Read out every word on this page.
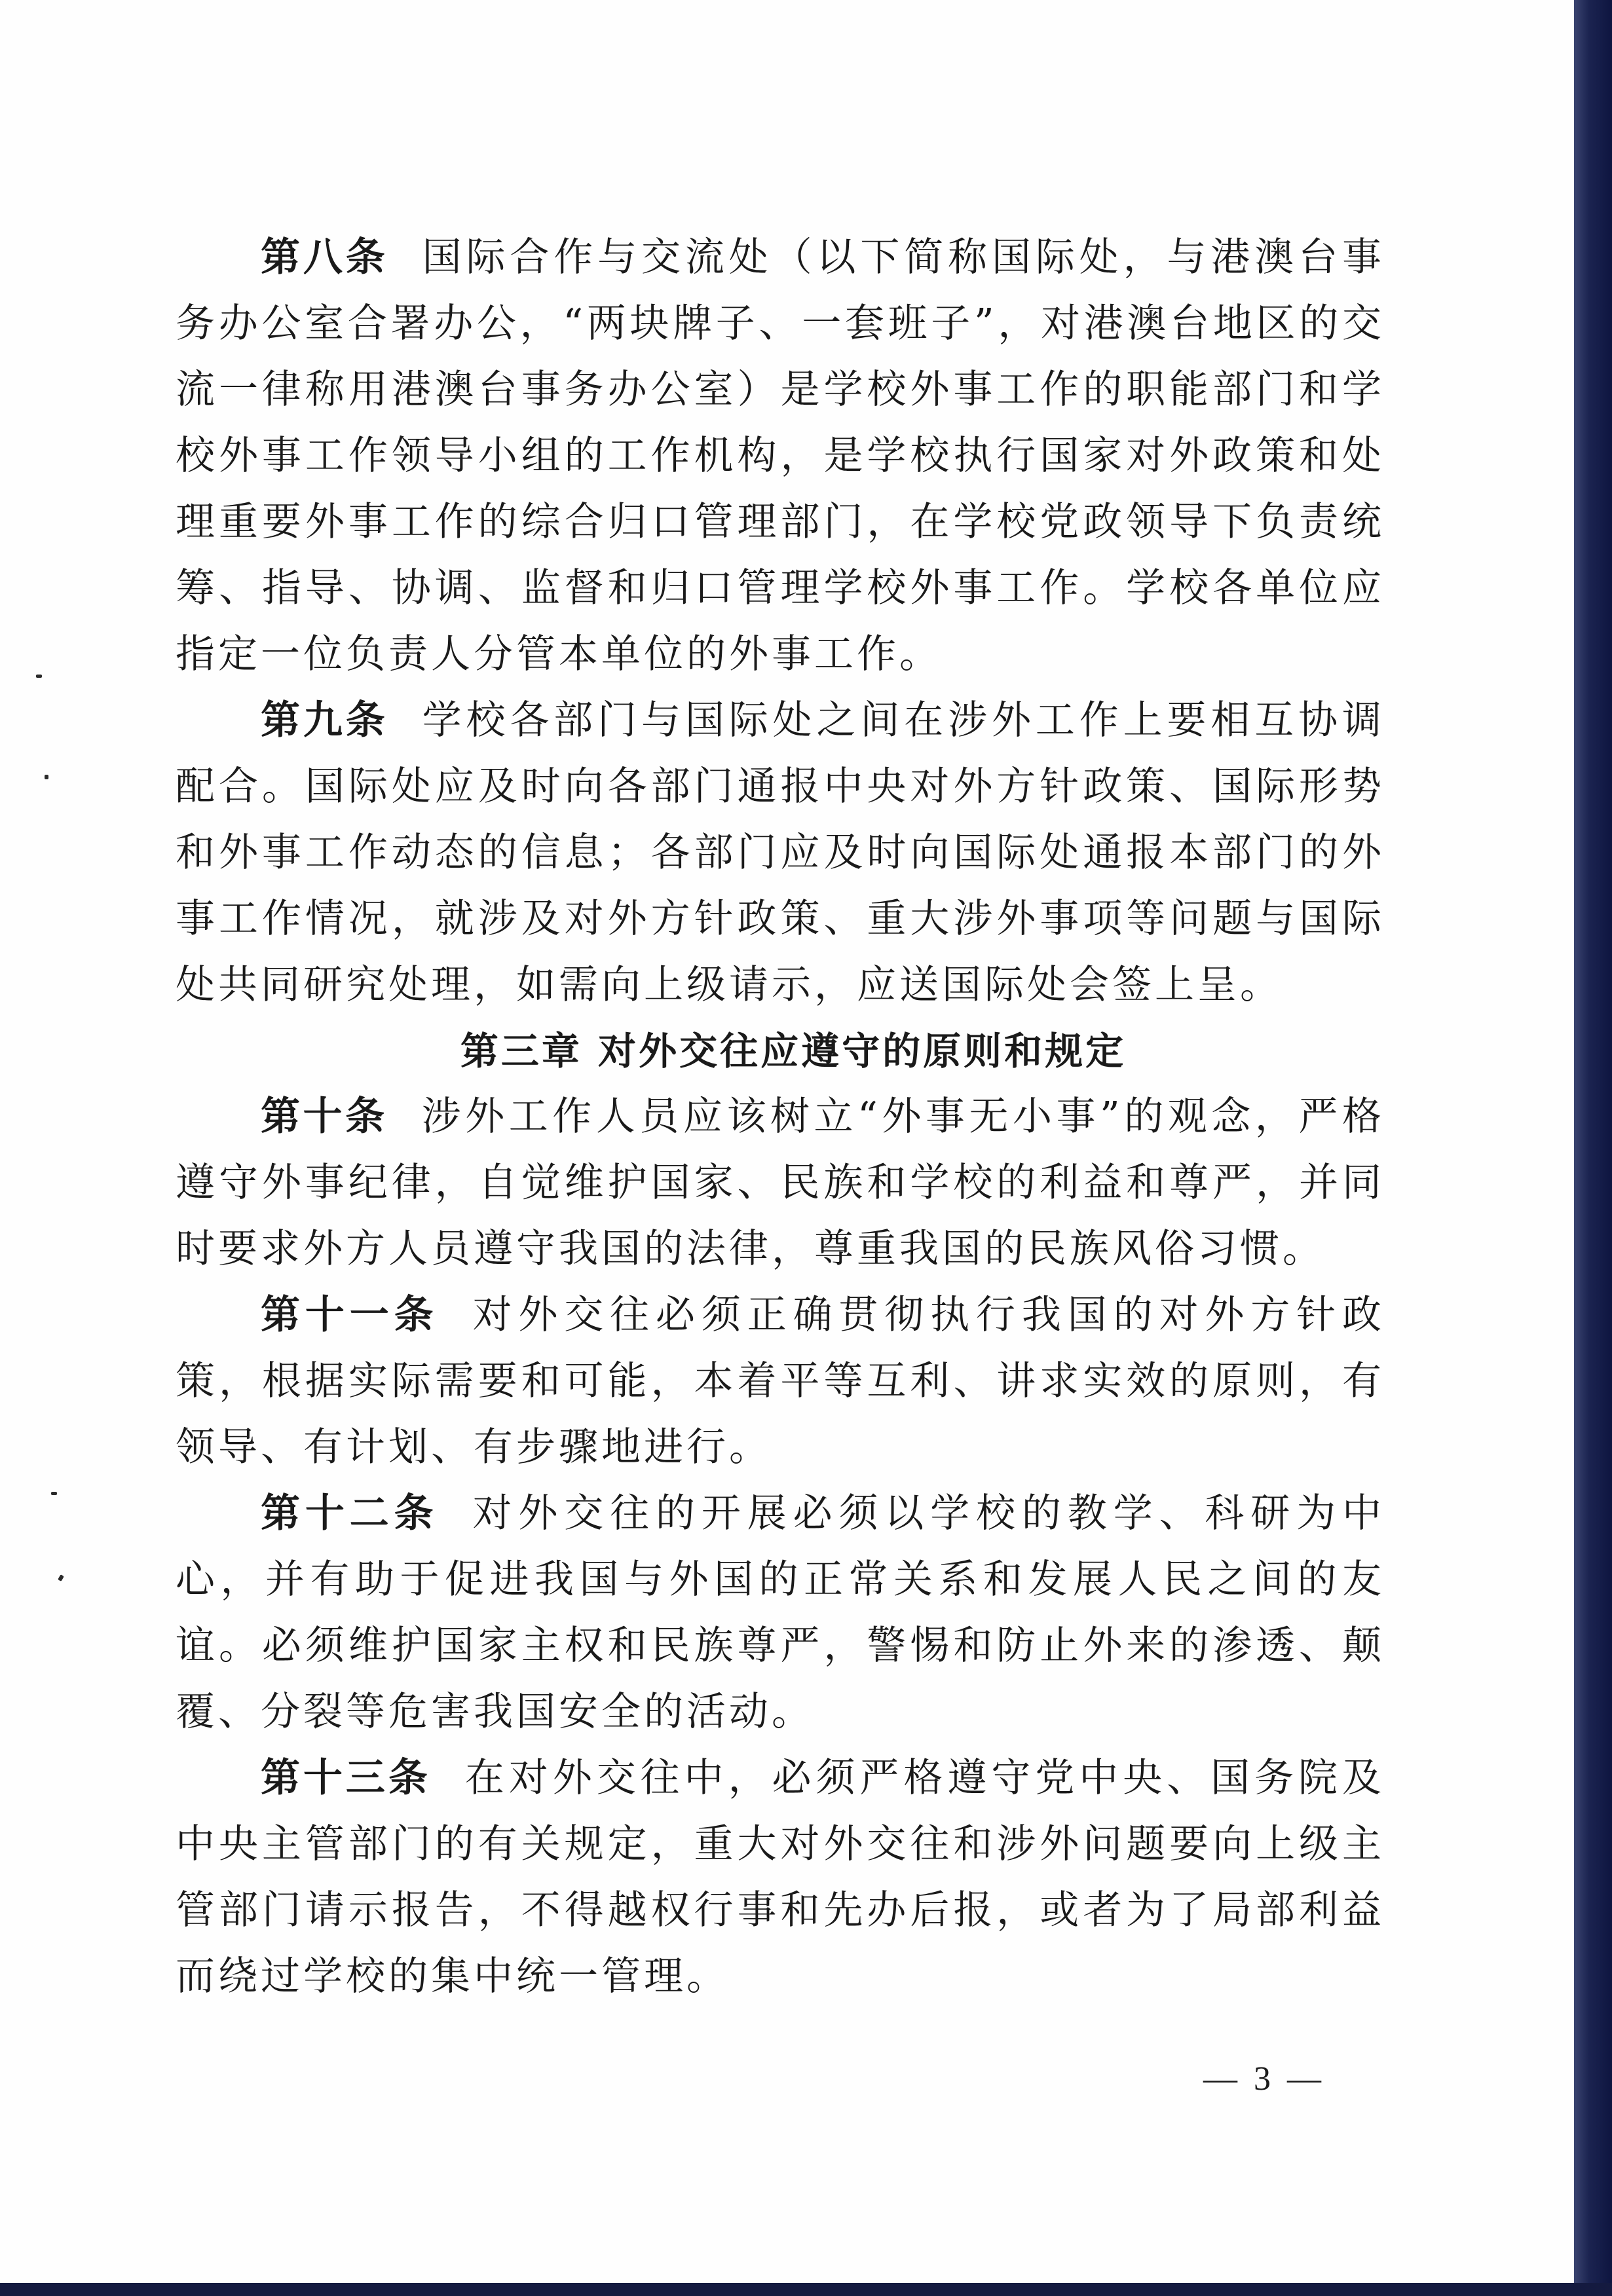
第八条 国际合作与交流处（以下简称国际处，与港澳台事务办公室合署办公，“两块牌子、一套班子”，对港澳台地区的交流一律称用港澳台事务办公室）是学校外事工作的职能部门和学校外事工作领导小组的工作机构，是学校执行国家对外政策和处理重要外事工作的综合归口管理部门，在学校党政领导下负责统筹、指导、协调、监督和归口管理学校外事工作。学校各单位应指定一位负责人分管本单位的外事工作。

第九条 学校各部门与国际处之间在涉外工作上要相互协调配合。国际处应及时向各部门通报中央对外方针政策、国际形势和外事工作动态的信息；各部门应及时向国际处通报本部门的外事工作情况，就涉及对外方针政策、重大涉外事项等问题与国际处共同研究处理，如需向上级请示，应送国际处会签上呈。

第三章 对外交往应遵守的原则和规定

第十条 涉外工作人员应该树立“外事无小事”的观念，严格遵守外事纪律，自觉维护国家、民族和学校的利益和尊严，并同时要求外方人员遵守我国的法律，尊重我国的民族风俗习惯。

第十一条 对外交往必须正确贯彻执行我国的对外方针政策，根据实际需要和可能，本着平等互利、讲求实效的原则，有领导、有计划、有步骤地进行。

第十二条 对外交往的开展必须以学校的教学、科研为中心，并有助于促进我国与外国的正常关系和发展人民之间的友谊。必须维护国家主权和民族尊严，警惕和防止外来的渗透、颠覆、分裂等危害我国安全的活动。

第十三条 在对外交往中，必须严格遵守党中央、国务院及中央主管部门的有关规定，重大对外交往和涉外问题要向上级主管部门请示报告，不得越权行事和先办后报，或者为了局部利益而绕过学校的集中统一管理。

— 3 —
